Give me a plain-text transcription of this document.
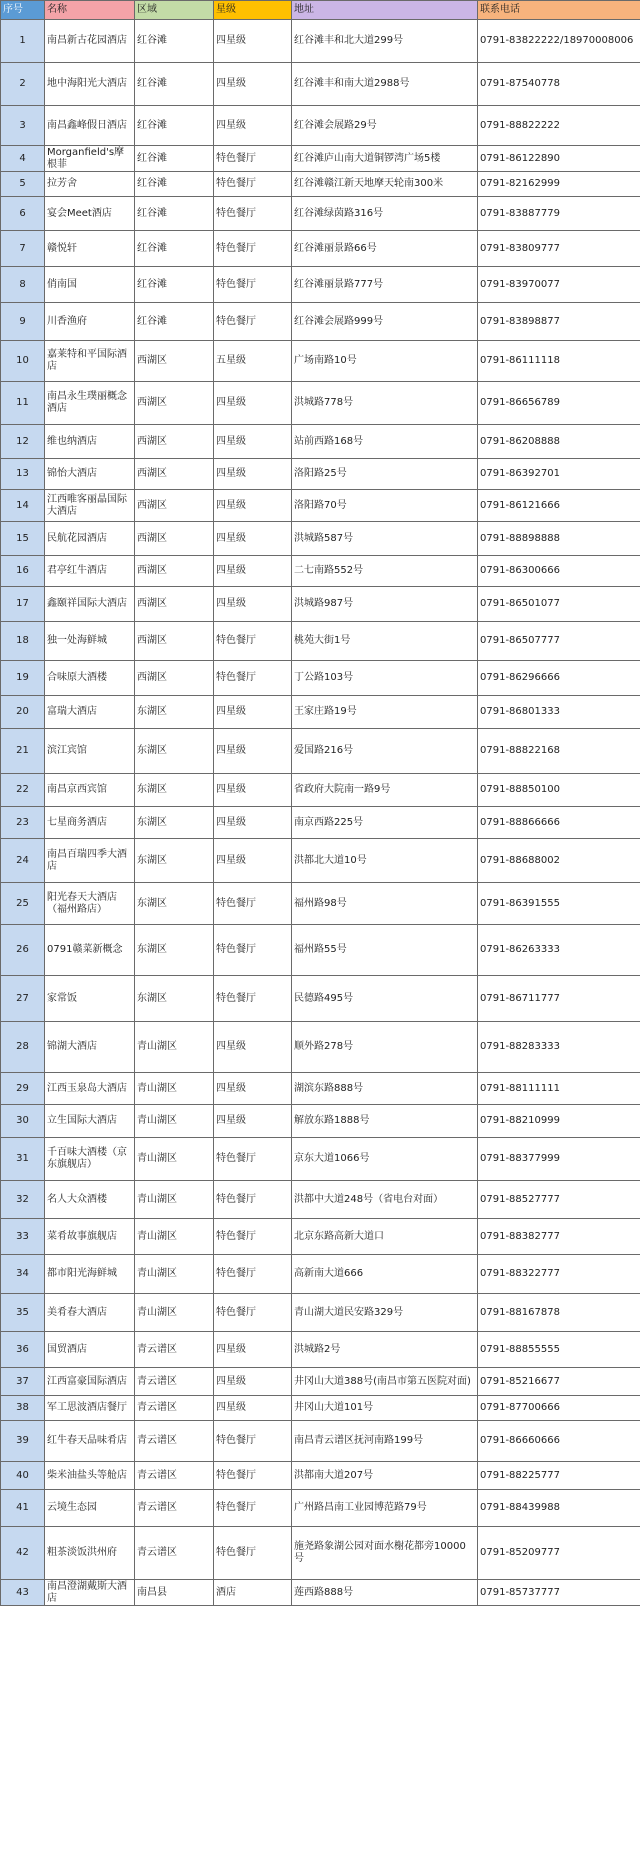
序号	名称	区域	星级	地址	联系电话
1	南昌新古花园酒店	红谷滩	四星级	红谷滩丰和北大道299号	0791-83822222/18970008006
2	地中海阳光大酒店	红谷滩	四星级	红谷滩丰和南大道2988号	0791-87540778
3	南昌鑫峰假日酒店	红谷滩	四星级	红谷滩会展路29号	0791-88822222
4	Morganfield's摩根菲	红谷滩	特色餐厅	红谷滩庐山南大道铜锣湾广场5楼	0791-86122890
5	拉芳舍	红谷滩	特色餐厅	红谷滩赣江新天地摩天轮南300米	0791-82162999
6	宴会Meet酒店	红谷滩	特色餐厅	红谷滩绿茵路316号	0791-83887779
7	赣悦轩	红谷滩	特色餐厅	红谷滩丽景路66号	0791-83809777
8	俏南国	红谷滩	特色餐厅	红谷滩丽景路777号	0791-83970077
9	川香渔府	红谷滩	特色餐厅	红谷滩会展路999号	0791-83898877
10	嘉莱特和平国际酒店	西湖区	五星级	广场南路10号	0791-86111118
11	南昌永生璞丽概念酒店	西湖区	四星级	洪城路778号	0791-86656789
12	维也纳酒店	西湖区	四星级	站前西路168号	0791-86208888
13	锦怡大酒店	西湖区	四星级	洛阳路25号	0791-86392701
14	江西唯客丽晶国际大酒店	西湖区	四星级	洛阳路70号	0791-86121666
15	民航花园酒店	西湖区	四星级	洪城路587号	0791-88898888
16	君亭红牛酒店	西湖区	四星级	二七南路552号	0791-86300666
17	鑫颐祥国际大酒店	西湖区	四星级	洪城路987号	0791-86501077
18	独一处海鲜城	西湖区	特色餐厅	桃苑大街1号	0791-86507777
19	合味原大酒楼	西湖区	特色餐厅	丁公路103号	0791-86296666
20	富瑞大酒店	东湖区	四星级	王家庄路19号	0791-86801333
21	滨江宾馆	东湖区	四星级	爱国路216号	0791-88822168
22	南昌京西宾馆	东湖区	四星级	省政府大院南一路9号	0791-88850100
23	七星商务酒店	东湖区	四星级	南京西路225号	0791-88866666
24	南昌百瑞四季大酒店	东湖区	四星级	洪都北大道10号	0791-88688002
25	阳光春天大酒店（福州路店）	东湖区	特色餐厅	福州路98号	0791-86391555
26	0791赣菜新概念	东湖区	特色餐厅	福州路55号	0791-86263333
27	家常饭	东湖区	特色餐厅	民德路495号	0791-86711777
28	锦湖大酒店	青山湖区	四星级	顺外路278号	0791-88283333
29	江西玉泉岛大酒店	青山湖区	四星级	湖滨东路888号	0791-88111111
30	立生国际大酒店	青山湖区	四星级	解放东路1888号	0791-88210999
31	千百味大酒楼（京东旗舰店）	青山湖区	特色餐厅	京东大道1066号	0791-88377999
32	名人大众酒楼	青山湖区	特色餐厅	洪都中大道248号（省电台对面）	0791-88527777
33	菜肴故事旗舰店	青山湖区	特色餐厅	北京东路高新大道口	0791-88382777
34	都市阳光海鲜城	青山湖区	特色餐厅	高新南大道666	0791-88322777
35	美肴春大酒店	青山湖区	特色餐厅	青山湖大道民安路329号	0791-88167878
36	国贸酒店	青云谱区	四星级	洪城路2号	0791-88855555
37	江西富豪国际酒店	青云谱区	四星级	井冈山大道388号(南昌市第五医院对面)	0791-85216677
38	军工思波酒店餐厅	青云谱区	四星级	井冈山大道101号	0791-87700666
39	红牛春天品味肴店	青云谱区	特色餐厅	南昌青云谱区抚河南路199号	0791-86660666
40	柴米油盐头等舱店	青云谱区	特色餐厅	洪都南大道207号	0791-88225777
41	云境生态园	青云谱区	特色餐厅	广州路昌南工业园博范路79号	0791-88439988
42	粗茶淡饭洪州府	青云谱区	特色餐厅	施尧路象湖公园对面水榭花都旁10000号	0791-85209777
43	南昌澄湖戴斯大酒店	南昌县	酒店	莲西路888号	0791-85737777
